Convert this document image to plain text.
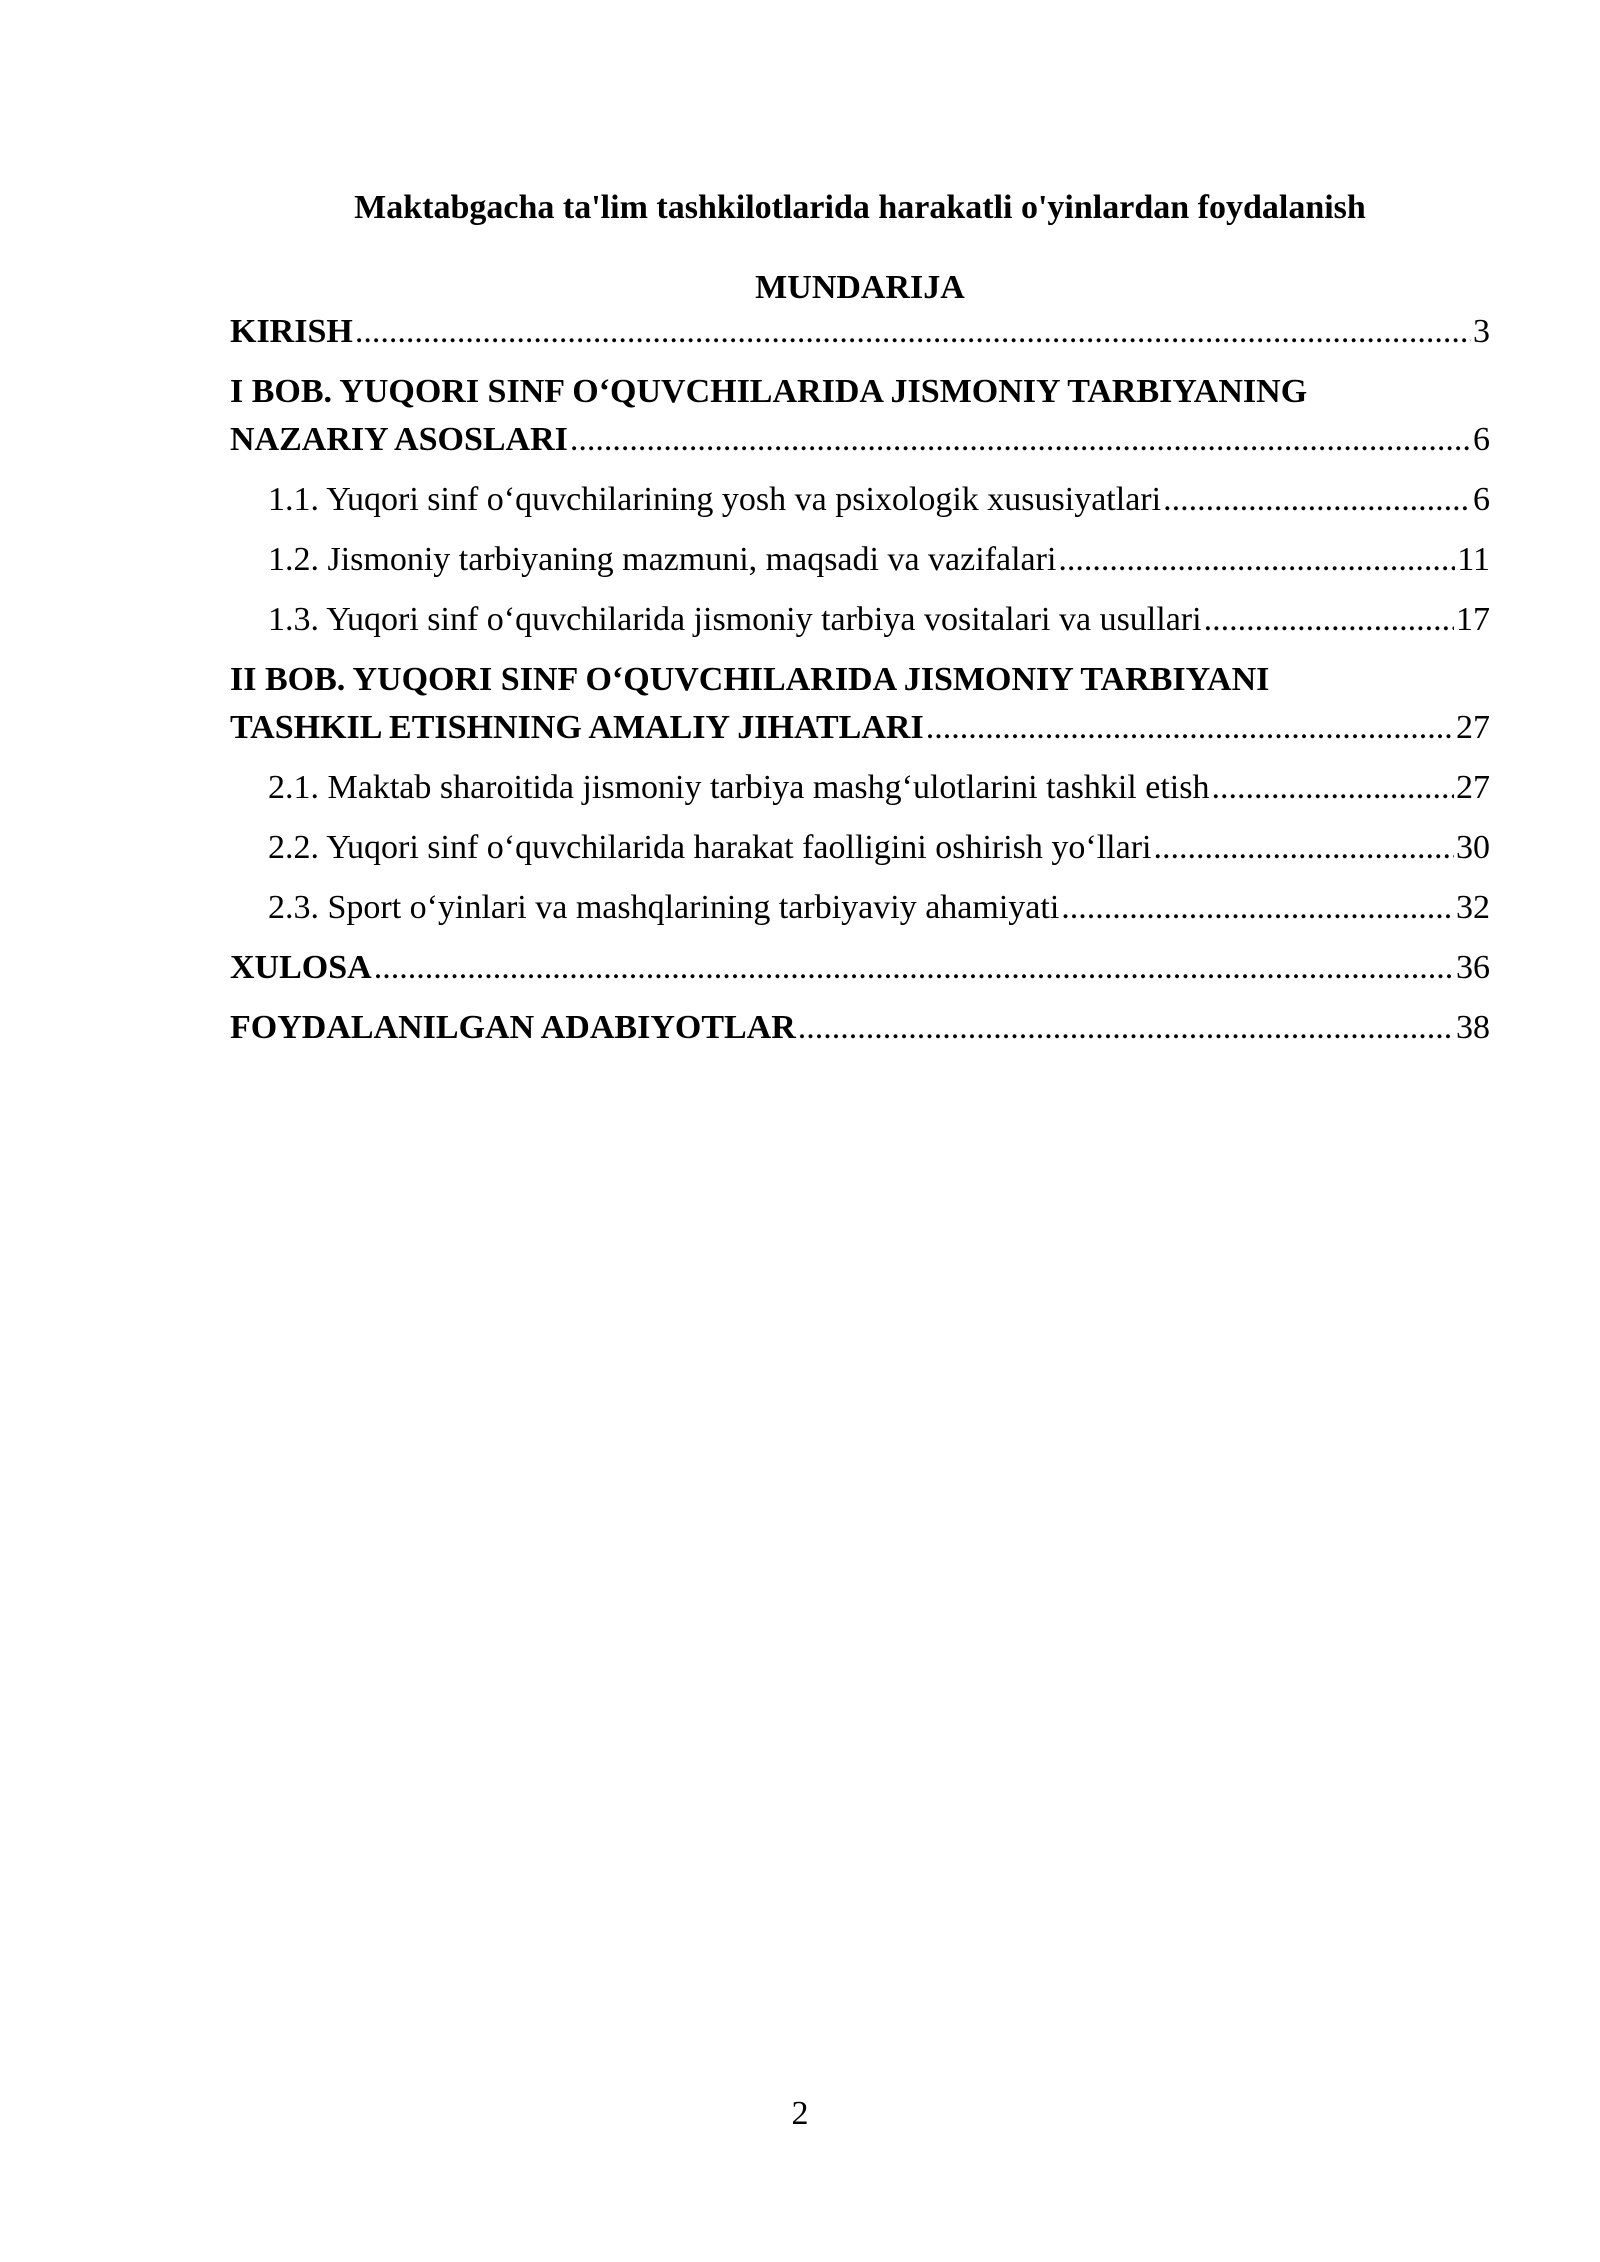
Maktabgacha ta'lim tashkilotlarida harakatli o'yinlardan foydalanish
MUNDARIJA
KIRISH .....	3
I BOB. YUQORI SINF O‘QUVCHILARIDA JISMONIY TARBIYANING
NAZARIY ASOSLARI .....	6
1.1. Yuqori sinf o‘quvchilarining yosh va psixologik xususiyatlari .....	6
1.2. Jismoniy tarbiyaning mazmuni, maqsadi va vazifalari .....	11
1.3. Yuqori sinf o‘quvchilarida jismoniy tarbiya vositalari va usullari .....	17
II BOB. YUQORI SINF O‘QUVCHILARIDA JISMONIY TARBIYANI
TASHKIL ETISHNING AMALIY JIHATLARI .....	27
2.1. Maktab sharoitida jismoniy tarbiya mashg‘ulotlarini tashkil etish .....	27
2.2. Yuqori sinf o‘quvchilarida harakat faolligini oshirish yo‘llari .....	30
2.3. Sport o‘yinlari va mashqlarining tarbiyaviy ahamiyati .....	32
XULOSA .....	36
FOYDALANILGAN ADABIYOTLAR .....	38
2
